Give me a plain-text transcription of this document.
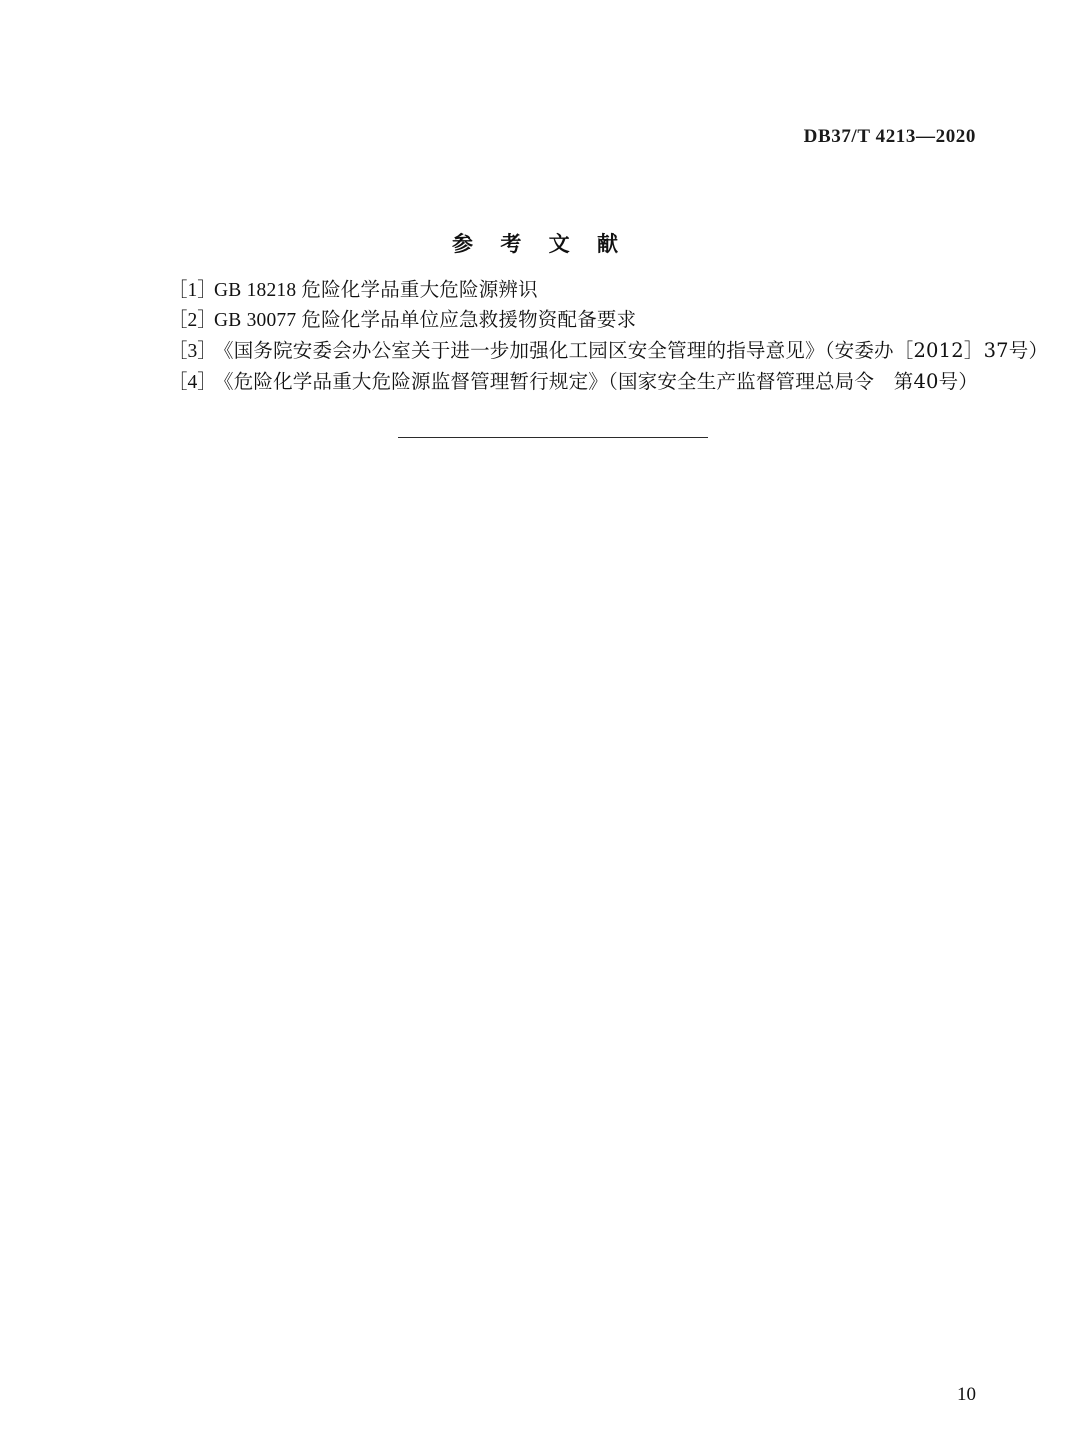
DB37/T 4213—2020
参 考 文 献
［1］
GB 18218 危险化学品重大危险源辨识
［2］
GB 30077 危险化学品单位应急救援物资配备要求
［3］
《国务院安委会办公室关于进一步加强化工园区安全管理的指导意见》（安委办［2012］37号）
［4］
《危险化学品重大危险源监督管理暂行规定》（国家安全生产监督管理总局令　第40号）
10
